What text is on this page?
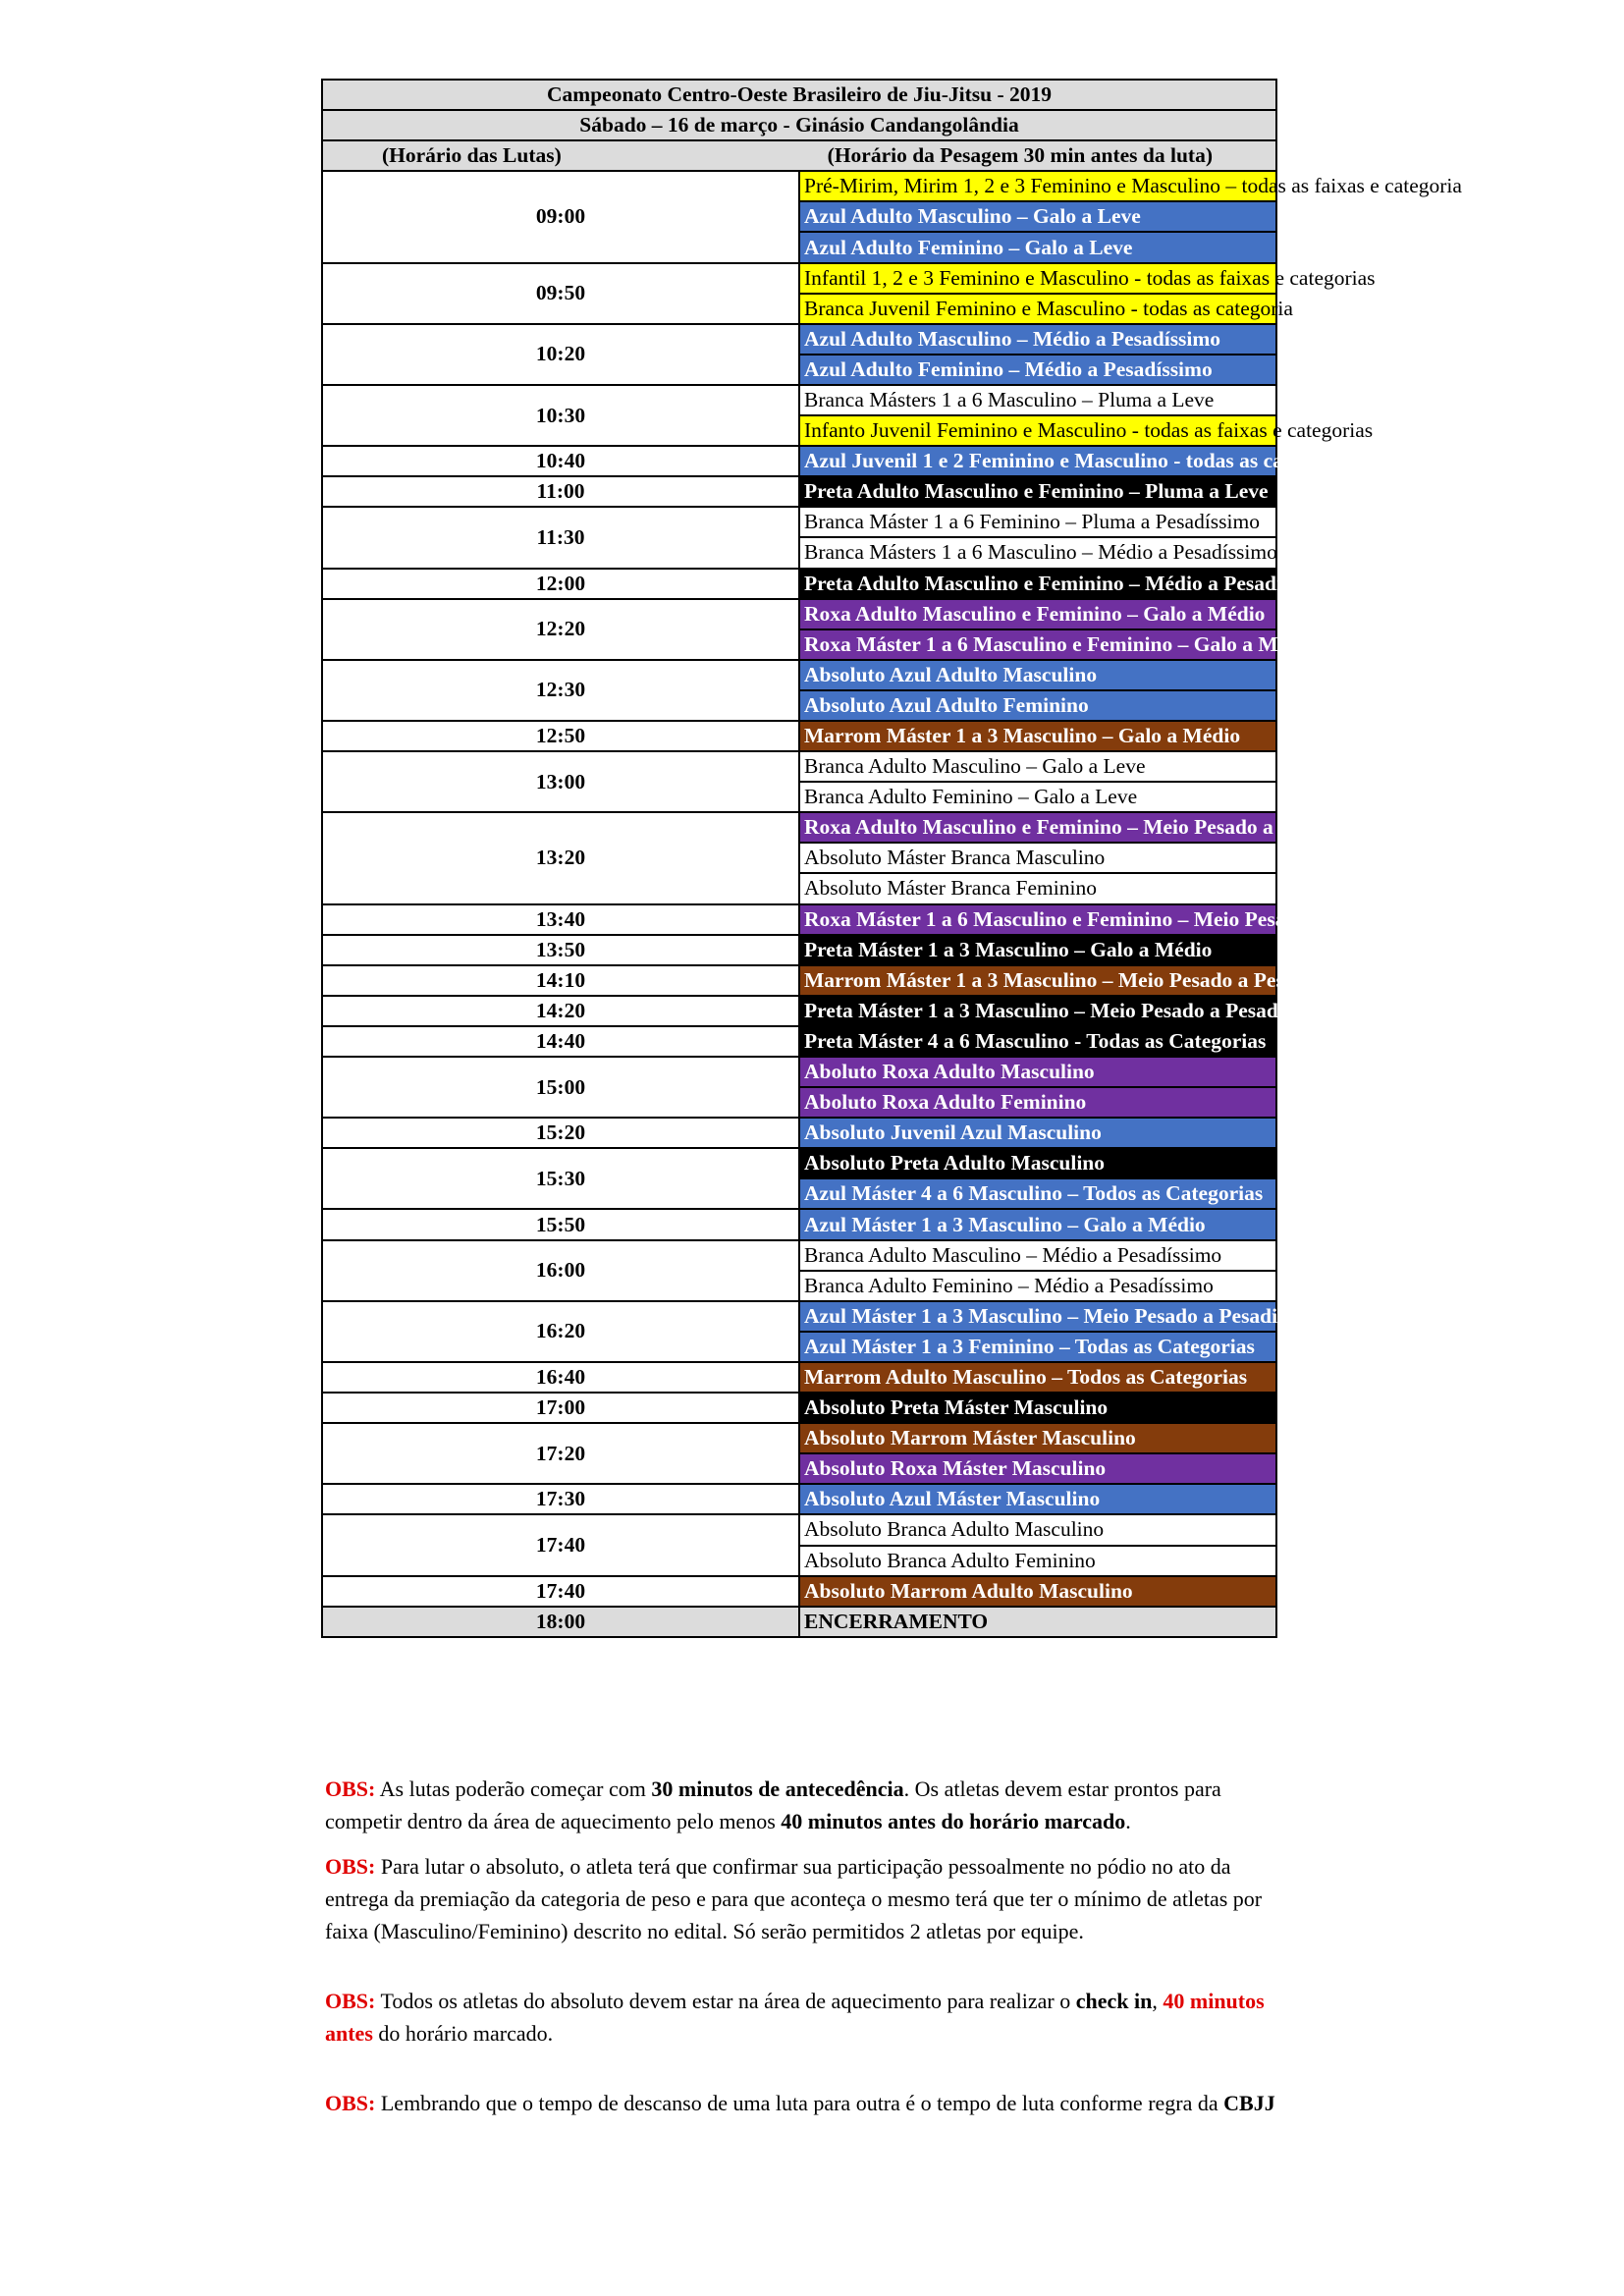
Campeonato Centro-Oeste Brasileiro de Jiu-Jitsu - 2019	
Sábado – 16 de março - Ginásio Candangolândia	

(Horário das Lutas) (Horário da Pesagem 30 min antes da luta)	

09:00	Pré-Mirim, Mirim 1, 2 e 3 Feminino e Masculino – todas as faixas e categoria
	Azul Adulto Masculino – Galo a Leve
	Azul Adulto Feminino – Galo a Leve
09:50	Infantil 1, 2 e 3 Feminino e Masculino - todas as faixas e categorias
	Branca Juvenil Feminino e Masculino - todas as categoria
10:20	Azul Adulto Masculino – Médio a Pesadíssimo
	Azul Adulto Feminino – Médio a Pesadíssimo
10:30	Branca Másters 1 a 6 Masculino – Pluma a Leve
	Infanto Juvenil Feminino e Masculino - todas as faixas e categorias
10:40	Azul Juvenil 1 e 2 Feminino e Masculino - todas as categoria
11:00	Preta Adulto Masculino e Feminino – Pluma a Leve
11:30	Branca Máster 1 a 6 Feminino – Pluma a Pesadíssimo
	Branca Másters 1 a 6 Masculino – Médio a Pesadíssimo
12:00	Preta Adulto Masculino e Feminino – Médio a Pesadissímo
12:20	Roxa Adulto Masculino e Feminino – Galo a Médio
	Roxa Máster 1 a 6 Masculino e Feminino – Galo a Médio
12:30	Absoluto Azul Adulto Masculino
	Absoluto Azul Adulto Feminino
12:50	Marrom Máster 1 a 3 Masculino – Galo a Médio
13:00	Branca Adulto Masculino – Galo a Leve
	Branca Adulto Feminino – Galo a Leve
13:20	Roxa Adulto Masculino e Feminino – Meio Pesado a Pesadissímo
	Absoluto Máster Branca Masculino
	Absoluto Máster Branca Feminino
13:40	Roxa Máster 1 a 6 Masculino e Feminino – Meio Pesado a Pesadissímo
13:50	Preta Máster 1 a 3 Masculino – Galo a Médio
14:10	Marrom Máster 1 a 3 Masculino – Meio Pesado a Pesadissímo
14:20	Preta Máster 1 a 3 Masculino – Meio Pesado a Pesadissímo
14:40	Preta Máster 4 a 6 Masculino - Todas as Categorias
15:00	Aboluto Roxa Adulto Masculino
	Aboluto Roxa Adulto Feminino
15:20	Absoluto Juvenil Azul Masculino
15:30	Absoluto Preta Adulto Masculino
	Azul Máster 4 a 6 Masculino – Todos as Categorias
15:50	Azul Máster 1 a 3 Masculino – Galo a Médio
16:00	Branca Adulto Masculino – Médio a Pesadíssimo
	Branca Adulto Feminino – Médio a Pesadíssimo
16:20	Azul Máster 1 a 3 Masculino – Meio Pesado a Pesadissímo
	Azul Máster 1 a 3 Feminino – Todas as Categorias
16:40	Marrom Adulto Masculino – Todos as Categorias
17:00	Absoluto Preta Máster Masculino
17:20	Absoluto Marrom Máster Masculino
	Absoluto Roxa Máster Masculino
17:30	Absoluto Azul Máster Masculino
17:40	Absoluto Branca Adulto Masculino
	Absoluto Branca Adulto Feminino
17:40	Absoluto Marrom Adulto Masculino
18:00	ENCERRAMENTO

OBS: As lutas poderão começar com 30 minutos de antecedência. Os atletas devem estar prontos para competir dentro da área de aquecimento pelo menos 40 minutos antes do horário marcado.

OBS: Para lutar o absoluto, o atleta terá que confirmar sua participação pessoalmente no pódio no ato da entrega da premiação da categoria de peso e para que aconteça o mesmo terá que ter o mínimo de atletas por faixa (Masculino/Feminino) descrito no edital. Só serão permitidos 2 atletas por equipe.

OBS: Todos os atletas do absoluto devem estar na área de aquecimento para realizar o check in, 40 minutos antes do horário marcado.

OBS: Lembrando que o tempo de descanso de uma luta para outra é o tempo de luta conforme regra da CBJJ
